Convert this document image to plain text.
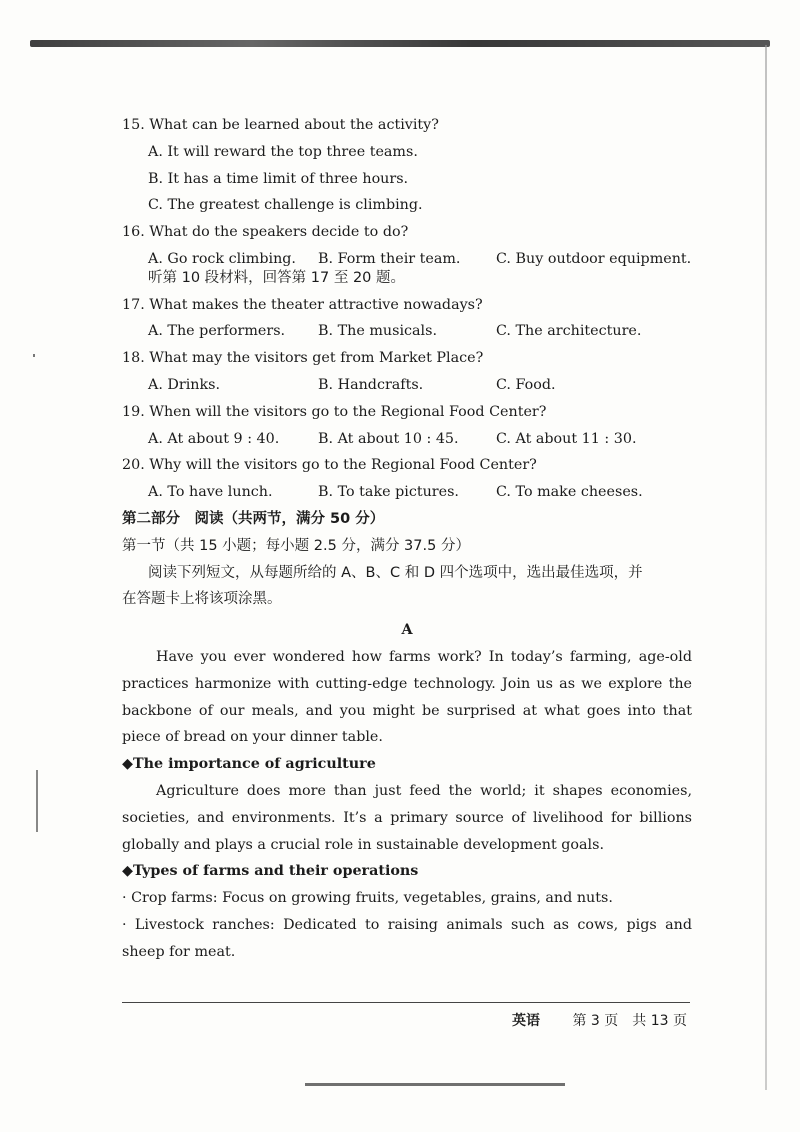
15. What can be learned about the activity?
A. It will reward the top three teams.
B. It has a time limit of three hours.
C. The greatest challenge is climbing.
16. What do the speakers decide to do?
A. Go rock climbing.	B. Form their team.	C. Buy outdoor equipment.
听第 10 段材料，回答第 17 至 20 题。
17. What makes the theater attractive nowadays?
A. The performers.	B. The musicals.	C. The architecture.
18. What may the visitors get from Market Place?
A. Drinks.	B. Handcrafts.	C. Food.
19. When will the visitors go to the Regional Food Center?
A. At about 9 : 40.	B. At about 10 : 45.	C. At about 11 : 30.
20. Why will the visitors go to the Regional Food Center?
A. To have lunch.	B. To take pictures.	C. To make cheeses.
第二部分　阅读（共两节，满分 50 分）
第一节（共 15 小题；每小题 2.5 分，满分 37.5 分）
阅读下列短文，从每题所给的 A、B、C 和 D 四个选项中，选出最佳选项，并
在答题卡上将该项涂黑。
A

Have you ever wondered how farms work? In today’s farming, age-old practices harmonize with cutting-edge technology. Join us as we explore the backbone of our meals, and you might be surprised at what goes into that piece of bread on your dinner table.

◆The importance of agriculture

Agriculture does more than just feed the world; it shapes economies, societies, and environments. It’s a primary source of livelihood for billions globally and plays a crucial role in sustainable development goals.

◆Types of farms and their operations

· Crop farms: Focus on growing fruits, vegetables, grains, and nuts.

· Livestock ranches: Dedicated to raising animals such as cows, pigs and sheep for meat.

英语 第 3 页　共 13 页
